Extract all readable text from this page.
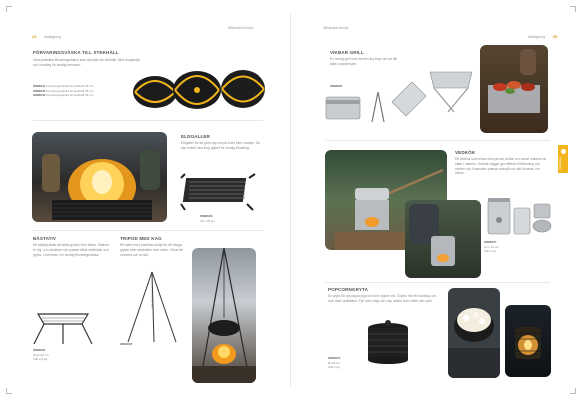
24 Matlagning
Wildmark Nordic
FÖRVARINGSVÄSKA TILL STEKHÄLL
Vara praktiska förvaringsväskor som skyddar din stekhäll. Med dragkedja och handtag för smidig transport.
WM8841 Förvaringsväska till stekhäll 38 cm
WM8842 Förvaringsväska till stekhäll 48 cm
WM8843 Förvaringsväska till stekhäll 58 cm
ELDGALLER
Eldgaller för att göra upp eld på snön eller marken. Du kan enkelt vika ihop gallret för smidig förvaring.
WM8829
45 x 45 cm
BÅSTATIV
Ett stadigt stativ att ställa grytan över elden. Stativet är höj- och sänkbart och passar både stekhällar och grytor. Levereras i en smidig förvaringsväska.
WM8860
Höjd 62 cm
Vikt 2,2 kg
TRIPOD MED KAG
Ett stativ med justerbar kedja för att hänga grytan eller stekhällen över elden. Enkel att montera och ta isär.
WM8835
Wildmark Nordic
Matlagning 25
Matlagning
VIKBAR GRILL
En smidig grill som enkelt viks ihop och tar lite plats i packningen.
WM8850
VEDKÖK
Ett vedkök som eldas med pinnar, kottar och annat material du hittar i naturen. Dubbla väggar ger effektiv förbränning och mindre rök. Kastrullen passar ovanpå och allt förvaras i en väska.
WM8870
14 x 14 cm
Vikt 1 kg
POPCORNGRYTA
En gryta för att poppa popcorn över öppen eld. Grytan har ett handtag och lock med ventilation. Fyll med majs och olja, skaka över elden och njut!
WM8875
Ø 18 cm
Vikt 1 kg
